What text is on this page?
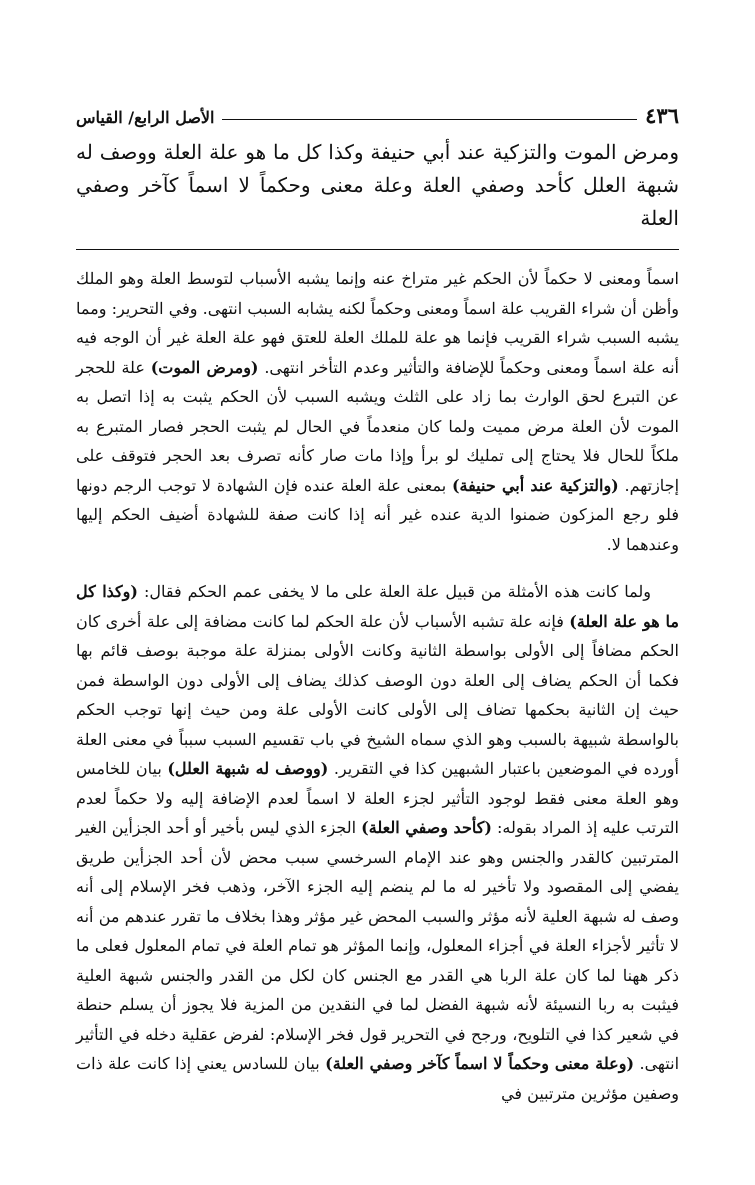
٤٣٦
الأصل الرابع/ القياس

ومرض الموت والتزكية عند أبي حنيفة وكذا كل ما هو علة العلة ووصف له شبهة العلل كأحد وصفي العلة وعلة معنى وحكماً لا اسماً كآخر وصفي العلة

اسماً ومعنى لا حكماً لأن الحكم غير متراخ عنه وإنما يشبه الأسباب لتوسط العلة وهو الملك وأظن أن شراء القريب علة اسماً ومعنى وحكماً لكنه يشابه السبب انتهى. وفي التحرير: ومما يشبه السبب شراء القريب فإنما هو علة للملك العلة للعتق فهو علة العلة غير أن الوجه فيه أنه علة اسماً ومعنى وحكماً للإضافة والتأثير وعدم التأخر انتهى. (ومرض الموت) علة للحجر عن التبرع لحق الوارث بما زاد على الثلث ويشبه السبب لأن الحكم يثبت به إذا اتصل به الموت لأن العلة مرض مميت ولما كان منعدماً في الحال لم يثبت الحجر فصار المتبرع به ملكاً للحال فلا يحتاج إلى تمليك لو برأ وإذا مات صار كأنه تصرف بعد الحجر فتوقف على إجازتهم. (والتزكية عند أبي حنيفة) بمعنى علة العلة عنده فإن الشهادة لا توجب الرجم دونها فلو رجع المزكون ضمنوا الدية عنده غير أنه إذا كانت صفة للشهادة أضيف الحكم إليها وعندهما لا.

ولما كانت هذه الأمثلة من قبيل علة العلة على ما لا يخفى عمم الحكم فقال: (وكذا كل ما هو علة العلة) فإنه علة تشبه الأسباب لأن علة الحكم لما كانت مضافة إلى علة أخرى كان الحكم مضافاً إلى الأولى بواسطة الثانية وكانت الأولى بمنزلة علة موجبة بوصف قائم بها فكما أن الحكم يضاف إلى العلة دون الوصف كذلك يضاف إلى الأولى دون الواسطة فمن حيث إن الثانية بحكمها تضاف إلى الأولى كانت الأولى علة ومن حيث إنها توجب الحكم بالواسطة شبيهة بالسبب وهو الذي سماه الشيخ في باب تقسيم السبب سبباً في معنى العلة أورده في الموضعين باعتبار الشبهين كذا في التقرير. (ووصف له شبهة العلل) بيان للخامس وهو العلة معنى فقط لوجود التأثير لجزء العلة لا اسماً لعدم الإضافة إليه ولا حكماً لعدم الترتب عليه إذ المراد بقوله: (كأحد وصفي العلة) الجزء الذي ليس بأخير أو أحد الجزأين الغير المترتبين كالقدر والجنس وهو عند الإمام السرخسي سبب محض لأن أحد الجزأين طريق يفضي إلى المقصود ولا تأخير له ما لم ينضم إليه الجزء الآخر، وذهب فخر الإسلام إلى أنه وصف له شبهة العلية لأنه مؤثر والسبب المحض غير مؤثر وهذا بخلاف ما تقرر عندهم من أنه لا تأثير لأجزاء العلة في أجزاء المعلول، وإنما المؤثر هو تمام العلة في تمام المعلول فعلى ما ذكر ههنا لما كان علة الربا هي القدر مع الجنس كان لكل من القدر والجنس شبهة العلية فيثبت به ربا النسيئة لأنه شبهة الفضل لما في النقدين من المزية فلا يجوز أن يسلم حنطة في شعير كذا في التلويح، ورجح في التحرير قول فخر الإسلام: لفرض عقلية دخله في التأثير انتهى. (وعلة معنى وحكماً لا اسماً كآخر وصفي العلة) بيان للسادس يعني إذا كانت علة ذات وصفين مؤثرين مترتبين في
